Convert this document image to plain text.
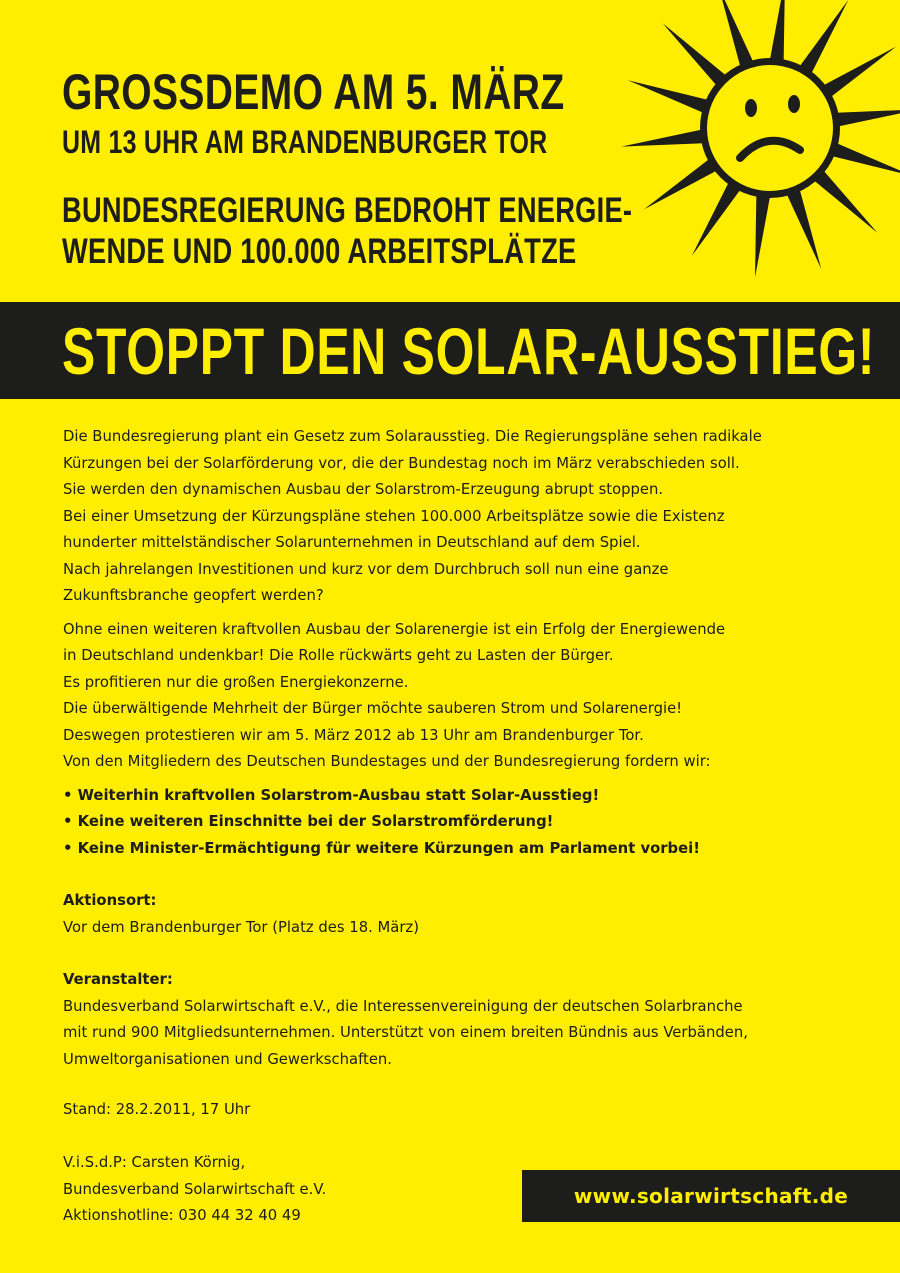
GROSSDEMO AM 5. MÄRZ
UM 13 UHR AM BRANDENBURGER TOR
BUNDESREGIERUNG BEDROHT ENERGIE-
WENDE UND 100.000 ARBEITSPLÄTZE
STOPPT DEN SOLAR-AUSSTIEG!

Die Bundesregierung plant ein Gesetz zum Solarausstieg. Die Regierungspläne sehen radikale

Kürzungen bei der Solarförderung vor, die der Bundestag noch im März verabschieden soll.

Sie werden den dynamischen Ausbau der Solarstrom-Erzeugung abrupt stoppen.

Bei einer Umsetzung der Kürzungspläne stehen 100.000 Arbeitsplätze sowie die Existenz

hunderter mittelständischer Solarunternehmen in Deutschland auf dem Spiel.

Nach jahrelangen Investitionen und kurz vor dem Durchbruch soll nun eine ganze

Zukunftsbranche geopfert werden?

Ohne einen weiteren kraftvollen Ausbau der Solarenergie ist ein Erfolg der Energiewende

in Deutschland undenkbar! Die Rolle rückwärts geht zu Lasten der Bürger.

Es profitieren nur die großen Energiekonzerne.

Die überwältigende Mehrheit der Bürger möchte sauberen Strom und Solarenergie!

Deswegen protestieren wir am 5. März 2012 ab 13 Uhr am Brandenburger Tor.

Von den Mitgliedern des Deutschen Bundestages und der Bundesregierung fordern wir:

• Weiterhin kraftvollen Solarstrom-Ausbau statt Solar-Ausstieg!
• Keine weiteren Einschnitte bei der Solarstromförderung!
• Keine Minister-Ermächtigung für weitere Kürzungen am Parlament vorbei!

Aktionsort:

Vor dem Brandenburger Tor (Platz des 18. März)

Veranstalter:

Bundesverband Solarwirtschaft e.V., die Interessenvereinigung der deutschen Solarbranche

mit rund 900 Mitgliedsunternehmen. Unterstützt von einem breiten Bündnis aus Verbänden,

Umweltorganisationen und Gewerkschaften.

Stand: 28.2.2011, 17 Uhr

V.i.S.d.P: Carsten Körnig,

Bundesverband Solarwirtschaft e.V.

Aktionshotline: 030 44 32 40 49

www.solarwirtschaft.de
